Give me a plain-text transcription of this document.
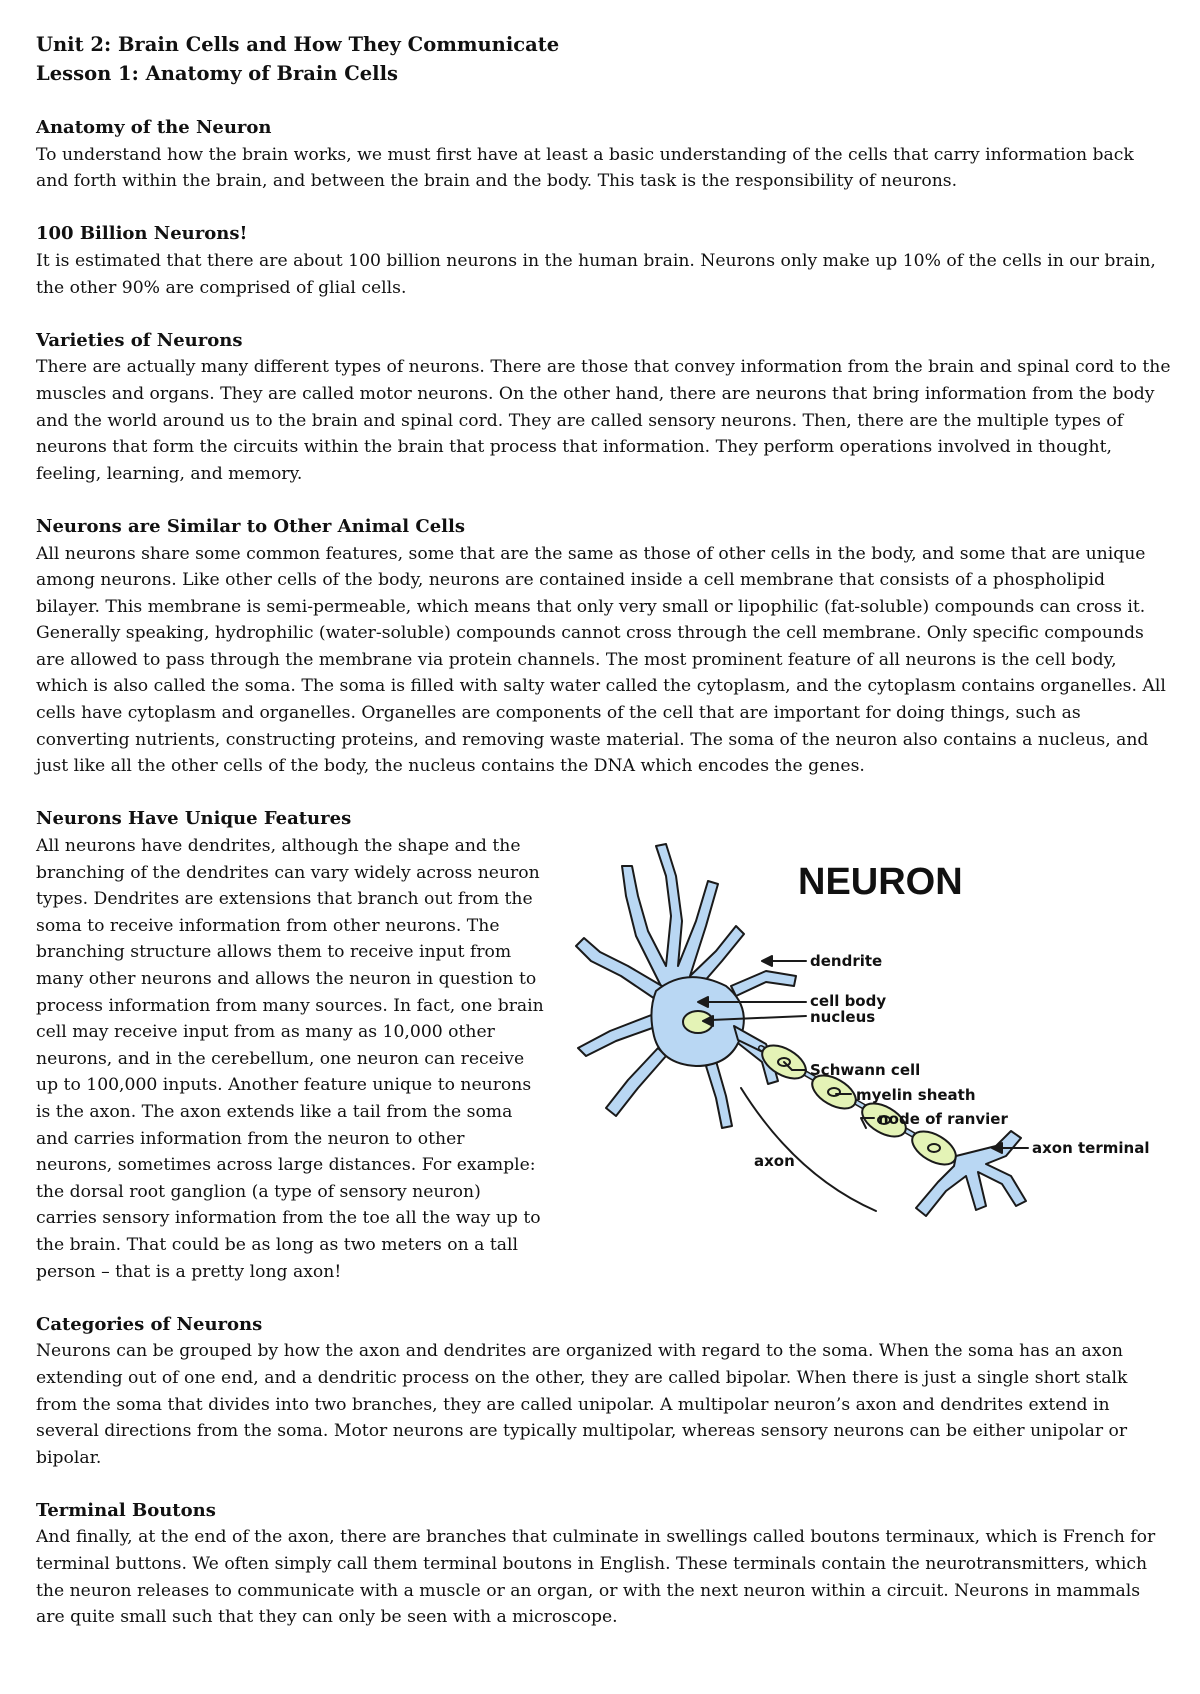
Unit 2: Brain Cells and How They Communicate

Lesson 1: Anatomy of Brain Cells

Anatomy of the Neuron

To understand how the brain works, we must first have at least a basic understanding of the cells that carry information back and forth within the brain, and between the brain and the body. This task is the responsibility of neurons.

100 Billion Neurons!

It is estimated that there are about 100 billion neurons in the human brain. Neurons only make up 10% of the cells in our brain, the other 90% are comprised of glial cells.

Varieties of Neurons

There are actually many different types of neurons. There are those that convey information from the brain and spinal cord to the muscles and organs. They are called motor neurons. On the other hand, there are neurons that bring information from the body and the world around us to the brain and spinal cord. They are called sensory neurons. Then, there are the multiple types of neurons that form the circuits within the brain that process that information. They perform operations involved in thought, feeling, learning, and memory.

Neurons are Similar to Other Animal Cells

All neurons share some common features, some that are the same as those of other cells in the body, and some that are unique among neurons. Like other cells of the body, neurons are contained inside a cell membrane that consists of a phospholipid bilayer. This membrane is semi-permeable, which means that only very small or lipophilic (fat-soluble) compounds can cross it. Generally speaking, hydrophilic (water-soluble) compounds cannot cross through the cell membrane. Only specific compounds are allowed to pass through the membrane via protein channels. The most prominent feature of all neurons is the cell body, which is also called the soma. The soma is filled with salty water called the cytoplasm, and the cytoplasm contains organelles. All cells have cytoplasm and organelles. Organelles are components of the cell that are important for doing things, such as converting nutrients, constructing proteins, and removing waste material. The soma of the neuron also contains a nucleus, and just like all the other cells of the body, the nucleus contains the DNA which encodes the genes.

Neurons Have Unique Features

All neurons have dendrites, although the shape and the branching of the dendrites can vary widely across neuron types. Dendrites are extensions that branch out from the soma to receive information from other neurons. The branching structure allows them to receive input from many other neurons and allows the neuron in question to process information from many sources. In fact, one brain cell may receive input from as many as 10,000 other neurons, and in the cerebellum, one neuron can receive up to 100,000 inputs. Another feature unique to neurons is the axon. The axon extends like a tail from the soma and carries information from the neuron to other neurons, sometimes across large distances. For example: the dorsal root ganglion (a type of sensory neuron) carries sensory information from the toe all the way up to the brain. That could be as long as two meters on a tall person – that is a pretty long axon!

NEURON
dendrite
cell body
nucleus
Schwann cell
myelin sheath
node of ranvier
axon terminal
axon
Categories of Neurons

Neurons can be grouped by how the axon and dendrites are organized with regard to the soma. When the soma has an axon extending out of one end, and a dendritic process on the other, they are called bipolar. When there is just a single short stalk from the soma that divides into two branches, they are called unipolar. A multipolar neuron’s axon and dendrites extend in several directions from the soma. Motor neurons are typically multipolar, whereas sensory neurons can be either unipolar or bipolar.

Terminal Boutons

And finally, at the end of the axon, there are branches that culminate in swellings called boutons terminaux, which is French for terminal buttons. We often simply call them terminal boutons in English. These terminals contain the neurotransmitters, which the neuron releases to communicate with a muscle or an organ, or with the next neuron within a circuit. Neurons in mammals are quite small such that they can only be seen with a microscope.
